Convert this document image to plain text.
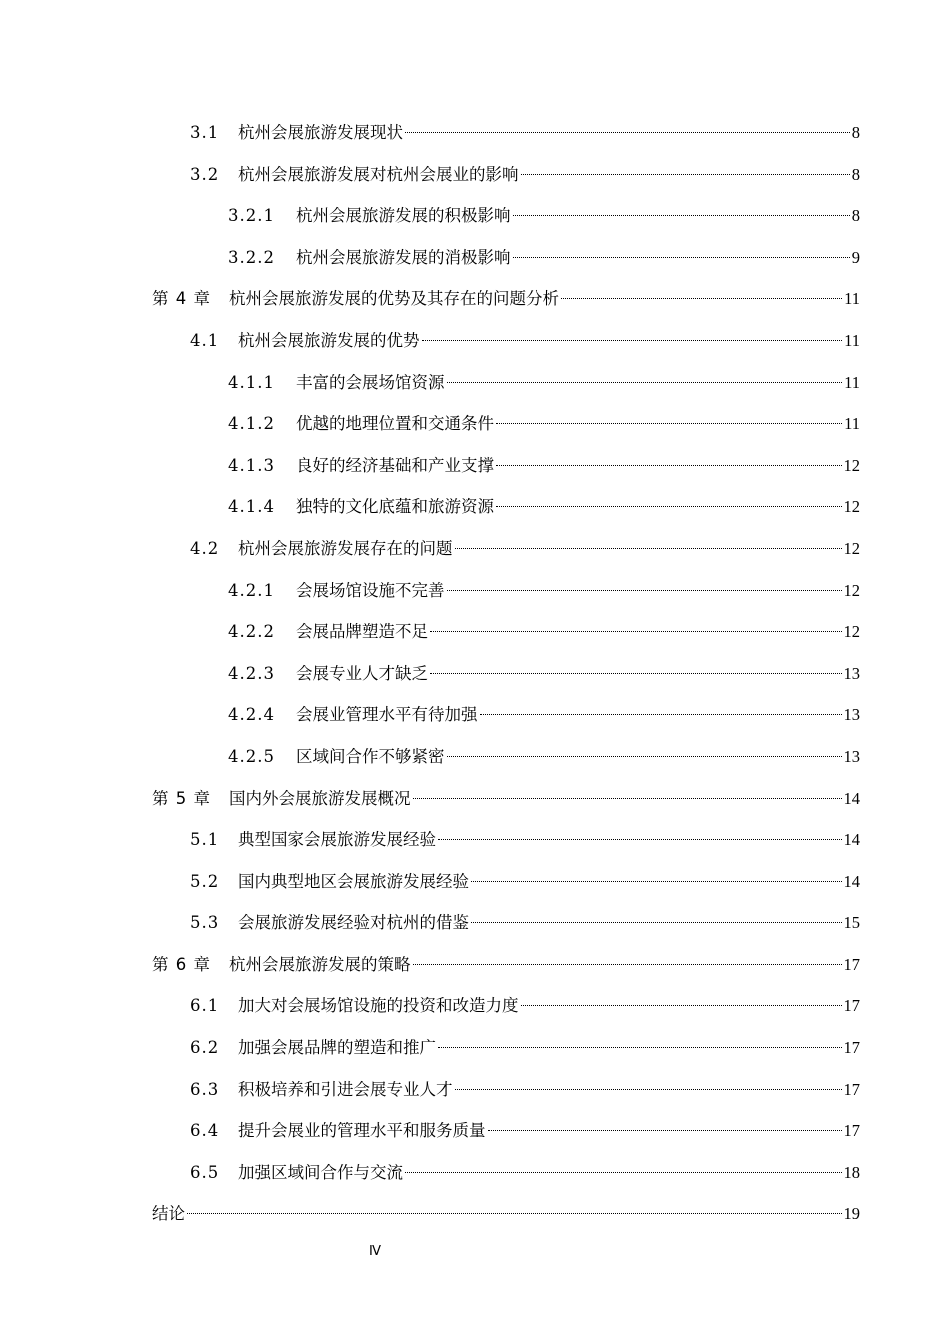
3.1	杭州会展旅游发展现状	8
3.2	杭州会展旅游发展对杭州会展业的影响	8
3.2.1	杭州会展旅游发展的积极影响	8
3.2.2	杭州会展旅游发展的消极影响	9
第 4 章 杭州会展旅游发展的优势及其存在的问题分析	11
4.1	杭州会展旅游发展的优势	11
4.1.1	丰富的会展场馆资源	11
4.1.2	优越的地理位置和交通条件	11
4.1.3	良好的经济基础和产业支撑	12
4.1.4	独特的文化底蕴和旅游资源	12
4.2	杭州会展旅游发展存在的问题	12
4.2.1	会展场馆设施不完善	12
4.2.2	会展品牌塑造不足	12
4.2.3	会展专业人才缺乏	13
4.2.4	会展业管理水平有待加强	13
4.2.5	区域间合作不够紧密	13
第 5 章 国内外会展旅游发展概况	14
5.1	典型国家会展旅游发展经验	14
5.2	国内典型地区会展旅游发展经验	14
5.3	会展旅游发展经验对杭州的借鉴	15
第 6 章 杭州会展旅游发展的策略	17
6.1	加大对会展场馆设施的投资和改造力度	17
6.2	加强会展品牌的塑造和推广	17
6.3	积极培养和引进会展专业人才	17
6.4	提升会展业的管理水平和服务质量	17
6.5	加强区域间合作与交流	18
结论	19
Ⅳ
